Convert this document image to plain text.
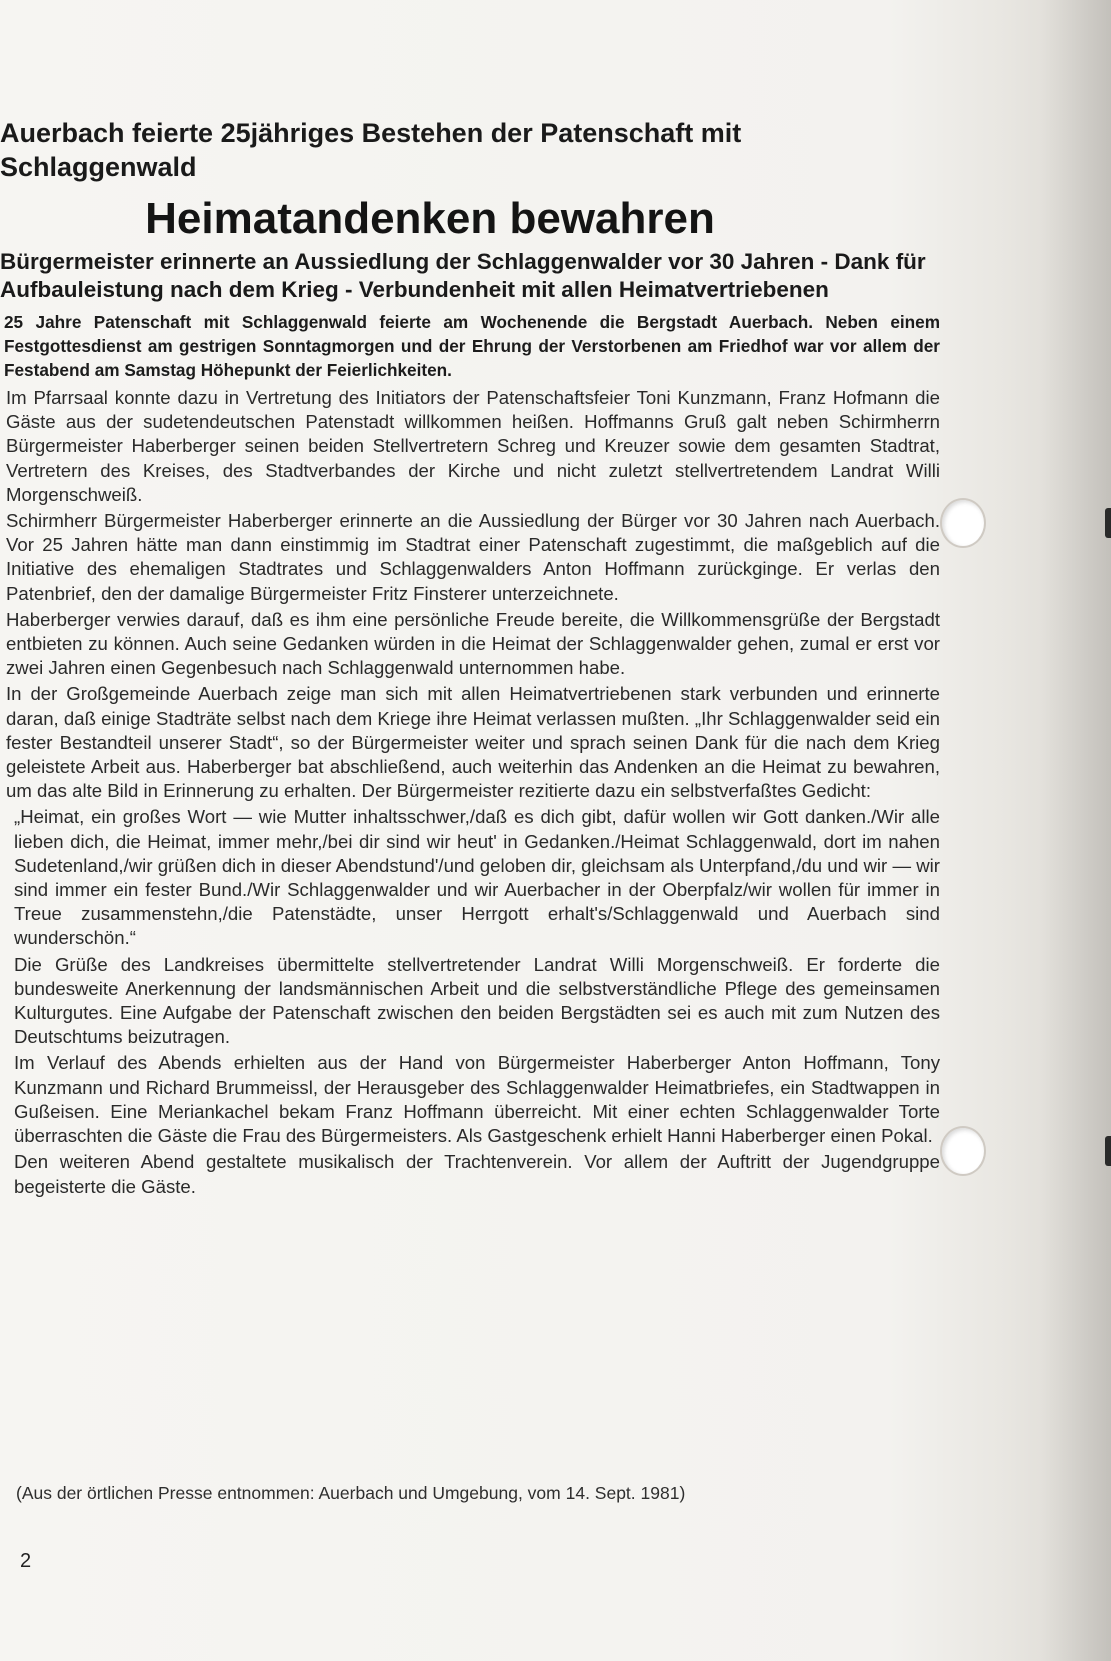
Auerbach feierte 25jähriges Bestehen der Patenschaft mit Schlaggenwald
Heimatandenken bewahren
Bürgermeister erinnerte an Aussiedlung der Schlaggenwalder vor 30 Jahren - Dank für Aufbauleistung nach dem Krieg - Verbundenheit mit allen Heimatvertriebenen

25 Jahre Patenschaft mit Schlaggenwald feierte am Wochenende die Bergstadt Auerbach. Neben einem Festgottesdienst am gestrigen Sonntagmorgen und der Ehrung der Verstorbenen am Friedhof war vor allem der Festabend am Samstag Höhepunkt der Feierlichkeiten.

Im Pfarrsaal konnte dazu in Vertretung des Initiators der Patenschaftsfeier Toni Kunzmann, Franz Hofmann die Gäste aus der sudetendeutschen Patenstadt willkommen heißen. Hoffmanns Gruß galt neben Schirmherrn Bürgermeister Haberberger seinen beiden Stellvertretern Schreg und Kreuzer sowie dem gesamten Stadtrat, Vertretern des Kreises, des Stadtverbandes der Kirche und nicht zuletzt stellvertretendem Landrat Willi Morgenschweiß.

Schirmherr Bürgermeister Haberberger erinnerte an die Aussiedlung der Bürger vor 30 Jahren nach Auerbach. Vor 25 Jahren hätte man dann einstimmig im Stadtrat einer Patenschaft zugestimmt, die maßgeblich auf die Initiative des ehemaligen Stadtrates und Schlaggenwalders Anton Hoffmann zurückginge. Er verlas den Patenbrief, den der damalige Bürgermeister Fritz Finsterer unterzeichnete.

Haberberger verwies darauf, daß es ihm eine persönliche Freude bereite, die Willkommensgrüße der Bergstadt entbieten zu können. Auch seine Gedanken würden in die Heimat der Schlaggenwalder gehen, zumal er erst vor zwei Jahren einen Gegenbesuch nach Schlaggenwald unternommen habe.

In der Großgemeinde Auerbach zeige man sich mit allen Heimatvertriebenen stark verbunden und erinnerte daran, daß einige Stadträte selbst nach dem Kriege ihre Heimat verlassen mußten. „Ihr Schlaggenwalder seid ein fester Bestandteil unserer Stadt“, so der Bürgermeister weiter und sprach seinen Dank für die nach dem Krieg geleistete Arbeit aus. Haberberger bat abschließend, auch weiterhin das Andenken an die Heimat zu bewahren, um das alte Bild in Erinnerung zu erhalten. Der Bürgermeister rezitierte dazu ein selbstverfaßtes Gedicht:

„Heimat, ein großes Wort — wie Mutter inhaltsschwer,/daß es dich gibt, dafür wollen wir Gott danken./Wir alle lieben dich, die Heimat, immer mehr,/bei dir sind wir heut' in Gedanken./Heimat Schlaggenwald, dort im nahen Sudetenland,/wir grüßen dich in dieser Abendstund'/und geloben dir, gleichsam als Unterpfand,/du und wir — wir sind immer ein fester Bund./Wir Schlaggenwalder und wir Auerbacher in der Oberpfalz/wir wollen für immer in Treue zusammenstehn,/die Patenstädte, unser Herrgott erhalt's/Schlaggenwald und Auerbach sind wunderschön.“

Die Grüße des Landkreises übermittelte stellvertretender Landrat Willi Morgenschweiß. Er forderte die bundesweite Anerkennung der landsmännischen Arbeit und die selbstverständliche Pflege des gemeinsamen Kulturgutes. Eine Aufgabe der Patenschaft zwischen den beiden Bergstädten sei es auch mit zum Nutzen des Deutschtums beizutragen.

Im Verlauf des Abends erhielten aus der Hand von Bürgermeister Haberberger Anton Hoffmann, Tony Kunzmann und Richard Brummeissl, der Herausgeber des Schlaggenwalder Heimatbriefes, ein Stadtwappen in Gußeisen. Eine Meriankachel bekam Franz Hoffmann überreicht. Mit einer echten Schlaggenwalder Torte überraschten die Gäste die Frau des Bürgermeisters. Als Gastgeschenk erhielt Hanni Haberberger einen Pokal.

Den weiteren Abend gestaltete musikalisch der Trachtenverein. Vor allem der Auftritt der Jugendgruppe begeisterte die Gäste.

(Aus der örtlichen Presse entnommen: Auerbach und Umgebung, vom 14. Sept. 1981)
2
